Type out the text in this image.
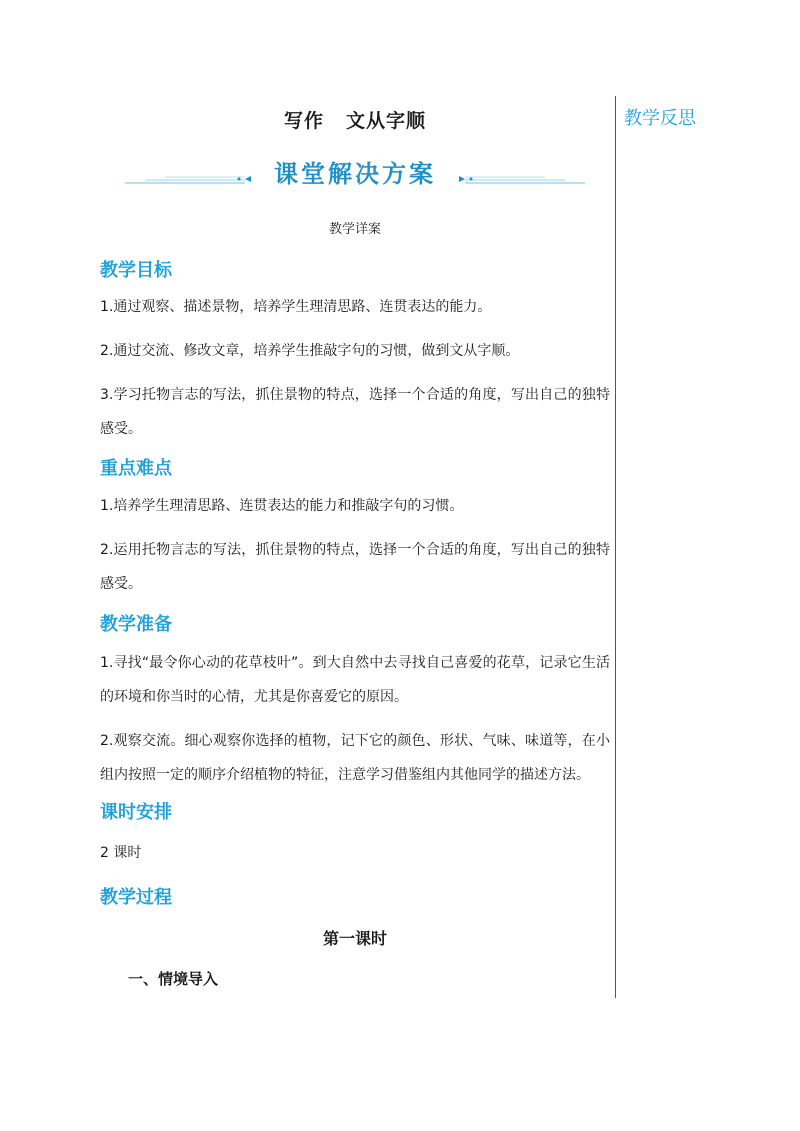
教学反思
写作 文从字顺
课堂解决方案
教学详案
教学目标
1.通过观察、描述景物，培养学生理清思路、连贯表达的能力。
2.通过交流、修改文章，培养学生推敲字句的习惯，做到文从字顺。
3.学习托物言志的写法，抓住景物的特点，选择一个合适的角度，写出自己的独特感受。
重点难点
1.培养学生理清思路、连贯表达的能力和推敲字句的习惯。
2.运用托物言志的写法，抓住景物的特点，选择一个合适的角度，写出自己的独特感受。
教学准备
1.寻找“最令你心动的花草枝叶”。到大自然中去寻找自己喜爱的花草，记录它生活的环境和你当时的心情，尤其是你喜爱它的原因。
2.观察交流。细心观察你选择的植物，记下它的颜色、形状、气味、味道等，在小组内按照一定的顺序介绍植物的特征，注意学习借鉴组内其他同学的描述方法。
课时安排
2 课时
教学过程
第一课时
一、情境导入
